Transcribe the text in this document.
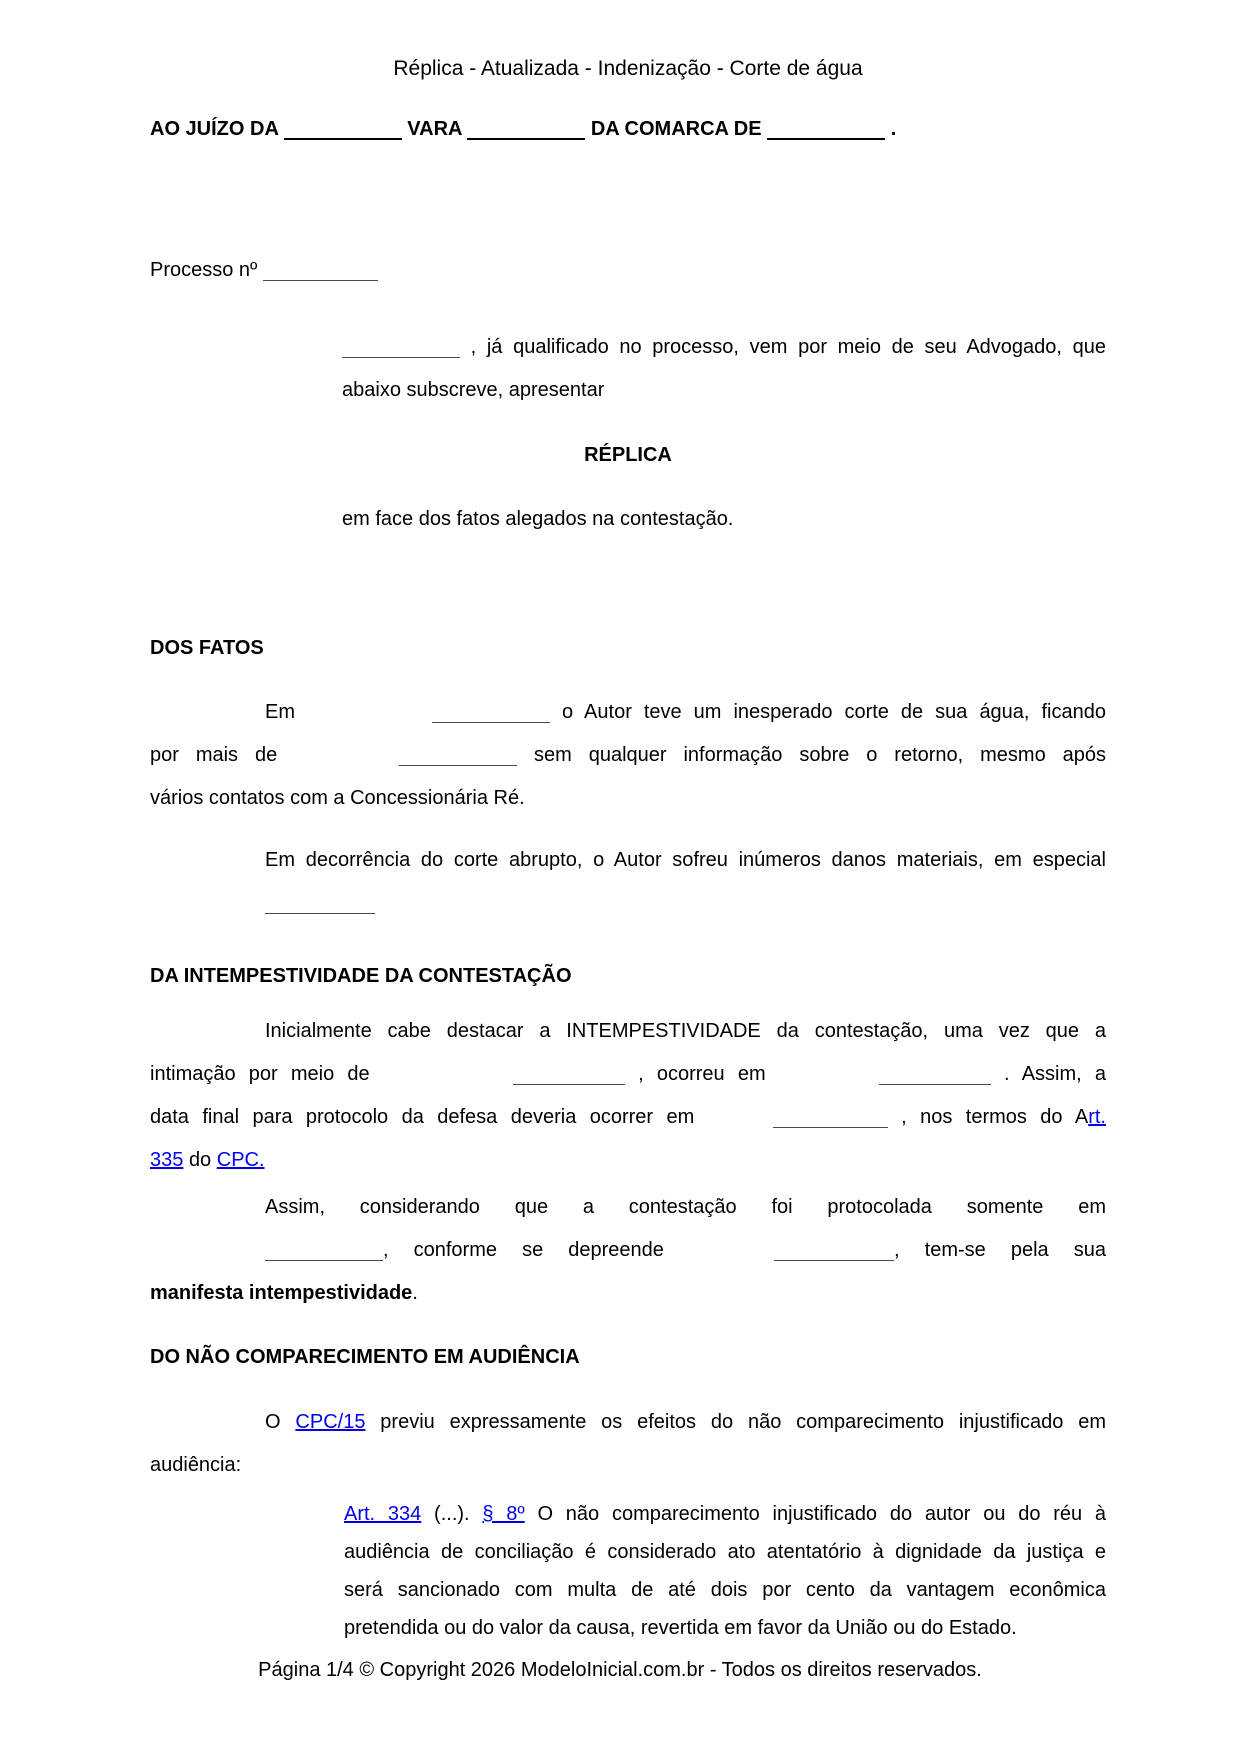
Réplica - Atualizada - Indenização - Corte de água
AO JUÍZO DA	VARA	DA COMARCA DE	.
Processo nº
, já qualificado no processo, vem por meio de seu Advogado, que
abaixo subscreve, apresentar
RÉPLICA
em face dos fatos alegados na contestação.
DOS FATOS
Em	o Autor teve um inesperado corte de sua água, ficando
por mais de	sem qualquer informação sobre o retorno, mesmo após
vários contatos com a Concessionária Ré.
Em decorrência do corte abrupto, o Autor sofreu inúmeros danos materiais, em especial
DA INTEMPESTIVIDADE DA CONTESTAÇÃO
Inicialmente cabe destacar a INTEMPESTIVIDADE da contestação, uma vez que a
intimação por meio de	, ocorreu em	. Assim, a
data final para protocolo da defesa deveria ocorrer em	, nos termos do Art.
335 do CPC.
Assim, considerando que a contestação foi protocolada somente em
, conforme se depreende	, tem-se pela sua
manifesta intempestividade.
DO NÃO COMPARECIMENTO EM AUDIÊNCIA
O CPC/15 previu expressamente os efeitos do não comparecimento injustificado em
audiência:
Art. 334 (...). § 8º O não comparecimento injustificado do autor ou do réu à
audiência de conciliação é considerado ato atentatório à dignidade da justiça e
será sancionado com multa de até dois por cento da vantagem econômica
pretendida ou do valor da causa, revertida em favor da União ou do Estado.
Página 1/4 © Copyright 2026 ModeloInicial.com.br - Todos os direitos reservados.
